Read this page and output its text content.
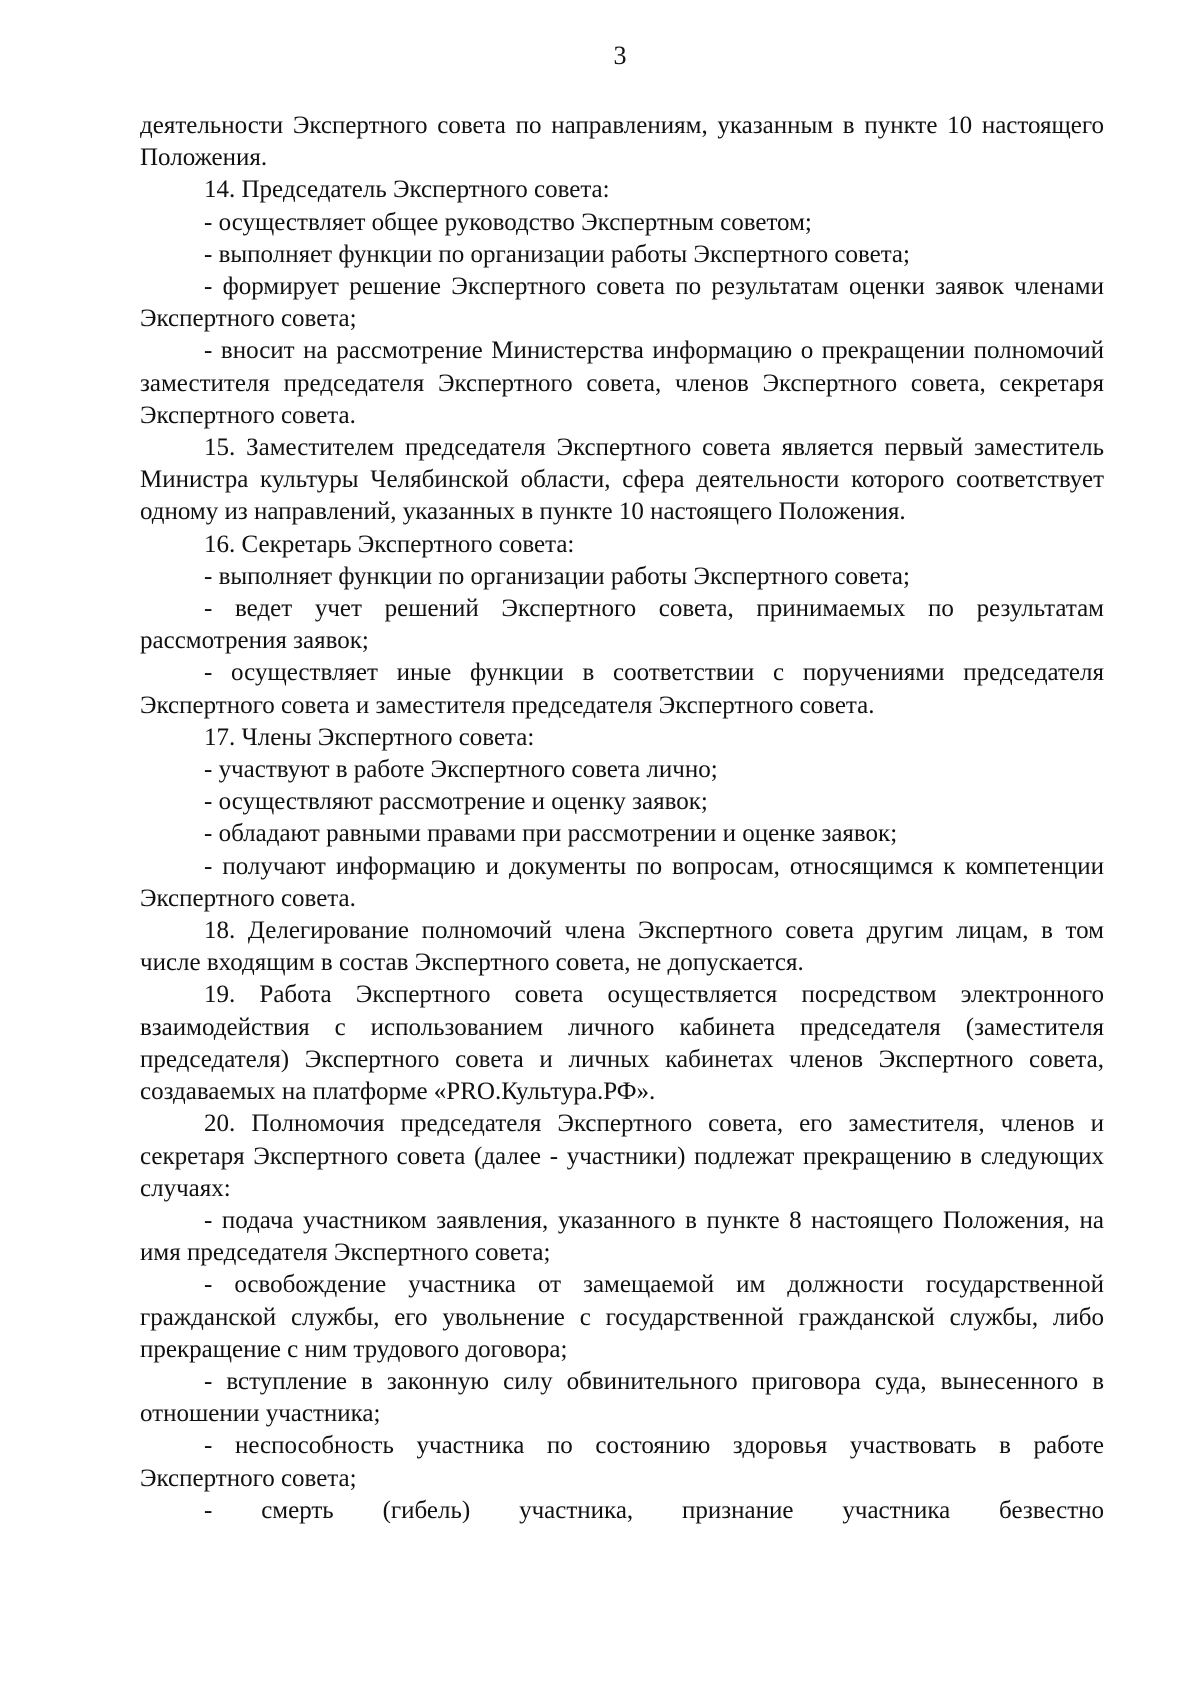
3

деятельности Экспертного совета по направлениям, указанным в пункте 10 настоящего Положения.

14. Председатель Экспертного совета:

- осуществляет общее руководство Экспертным советом;

- выполняет функции по организации работы Экспертного совета;

- формирует решение Экспертного совета по результатам оценки заявок членами Экспертного совета;

- вносит на рассмотрение Министерства информацию о прекращении полномочий заместителя председателя Экспертного совета, членов Экспертного совета, секретаря Экспертного совета.

15. Заместителем председателя Экспертного совета является первый заместитель Министра культуры Челябинской области, сфера деятельности которого соответствует одному из направлений, указанных в пункте 10 настоящего Положения.

16. Секретарь Экспертного совета:

- выполняет функции по организации работы Экспертного совета;

- ведет учет решений Экспертного совета, принимаемых по результатам рассмотрения заявок;

- осуществляет иные функции в соответствии с поручениями председателя Экспертного совета и заместителя председателя Экспертного совета.

17. Члены Экспертного совета:

- участвуют в работе Экспертного совета лично;

- осуществляют рассмотрение и оценку заявок;

- обладают равными правами при рассмотрении и оценке заявок;

- получают информацию и документы по вопросам, относящимся к компетенции Экспертного совета.

18. Делегирование полномочий члена Экспертного совета другим лицам, в том числе входящим в состав Экспертного совета, не допускается.

19. Работа Экспертного совета осуществляется посредством электронного взаимодействия с использованием личного кабинета председателя (заместителя председателя) Экспертного совета и личных кабинетах членов Экспертного совета, создаваемых на платформе «PRO.Культура.РФ».

20. Полномочия председателя Экспертного совета, его заместителя, членов и секретаря Экспертного совета (далее - участники) подлежат прекращению в следующих случаях:

- подача участником заявления, указанного в пункте 8 настоящего Положения, на имя председателя Экспертного совета;

- освобождение участника от замещаемой им должности государственной гражданской службы, его увольнение с государственной гражданской службы, либо прекращение с ним трудового договора;

- вступление в законную силу обвинительного приговора суда, вынесенного в отношении участника;

- неспособность участника по состоянию здоровья участвовать в работе Экспертного совета;

- смерть (гибель) участника, признание участника безвестно
